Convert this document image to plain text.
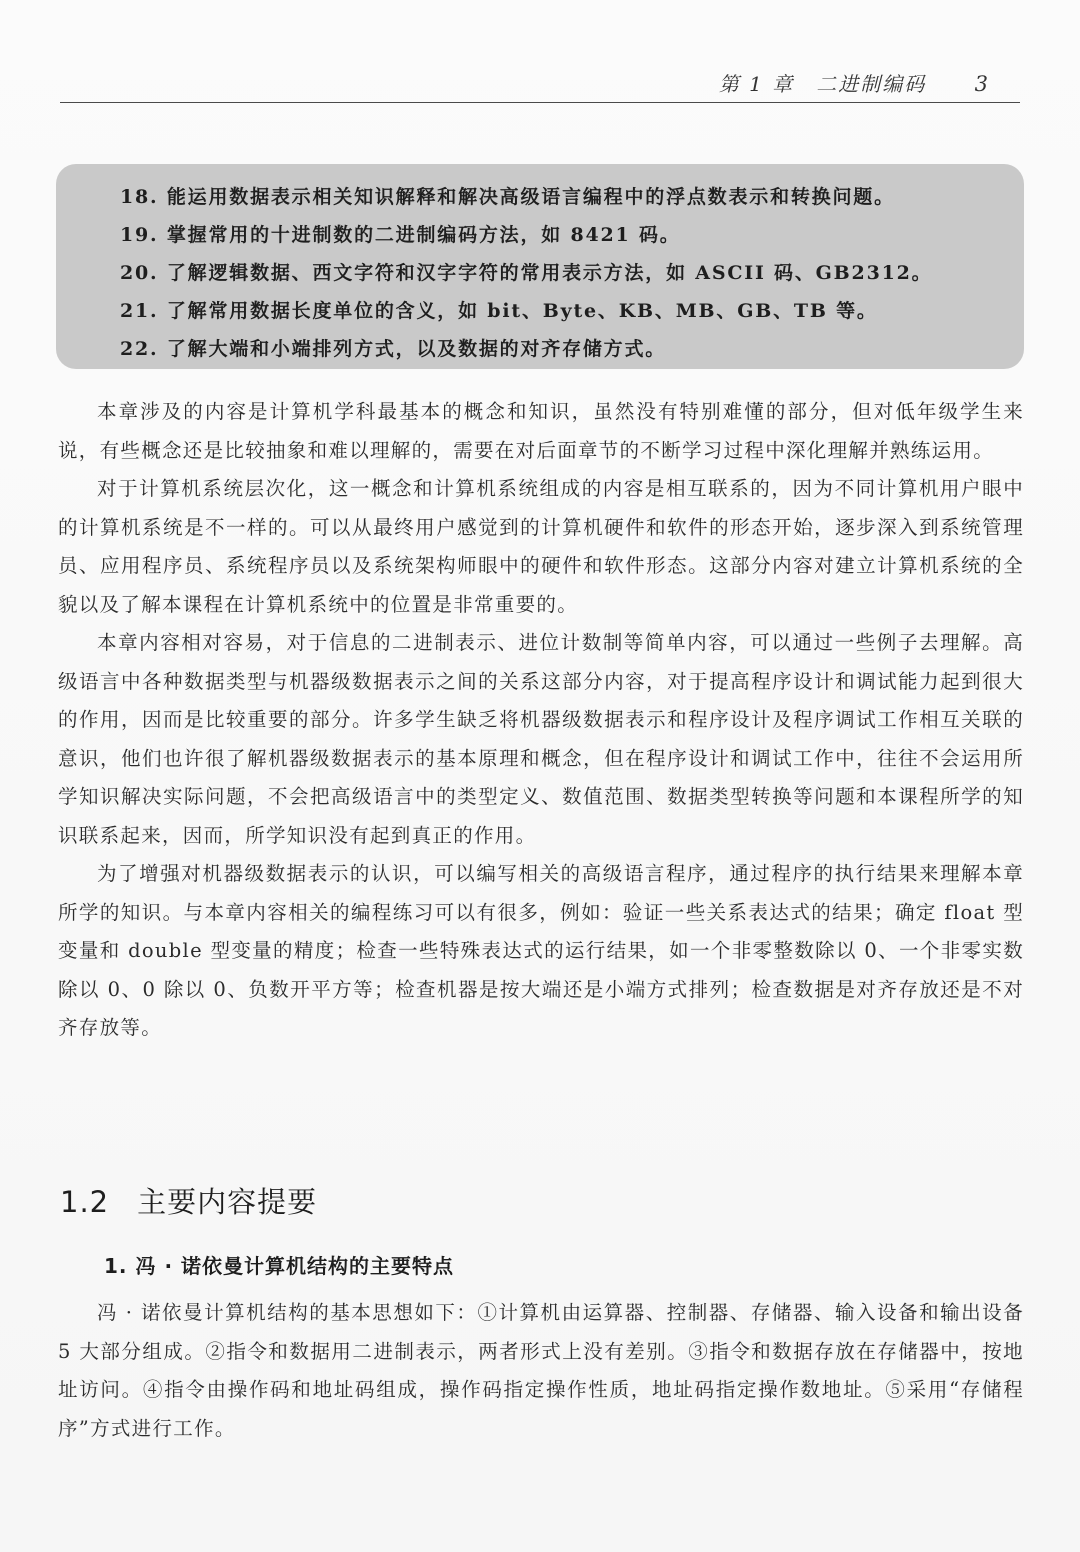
第 1 章　二进制编码 3
18. 能运用数据表示相关知识解释和解决高级语言编程中的浮点数表示和转换问题。
19. 掌握常用的十进制数的二进制编码方法，如 8421 码。
20. 了解逻辑数据、西文字符和汉字字符的常用表示方法，如 ASCII 码、GB2312。
21. 了解常用数据长度单位的含义，如 bit、Byte、KB、MB、GB、TB 等。
22. 了解大端和小端排列方式，以及数据的对齐存储方式。

本章涉及的内容是计算机学科最基本的概念和知识，虽然没有特别难懂的部分，但对低年级学生来说，有些概念还是比较抽象和难以理解的，需要在对后面章节的不断学习过程中深化理解并熟练运用。

对于计算机系统层次化，这一概念和计算机系统组成的内容是相互联系的，因为不同计算机用户眼中的计算机系统是不一样的。可以从最终用户感觉到的计算机硬件和软件的形态开始，逐步深入到系统管理员、应用程序员、系统程序员以及系统架构师眼中的硬件和软件形态。这部分内容对建立计算机系统的全貌以及了解本课程在计算机系统中的位置是非常重要的。

本章内容相对容易，对于信息的二进制表示、进位计数制等简单内容，可以通过一些例子去理解。高级语言中各种数据类型与机器级数据表示之间的关系这部分内容，对于提高程序设计和调试能力起到很大的作用，因而是比较重要的部分。许多学生缺乏将机器级数据表示和程序设计及程序调试工作相互关联的意识，他们也许很了解机器级数据表示的基本原理和概念，但在程序设计和调试工作中，往往不会运用所学知识解决实际问题，不会把高级语言中的类型定义、数值范围、数据类型转换等问题和本课程所学的知识联系起来，因而，所学知识没有起到真正的作用。

为了增强对机器级数据表示的认识，可以编写相关的高级语言程序，通过程序的执行结果来理解本章所学的知识。与本章内容相关的编程练习可以有很多，例如：验证一些关系表达式的结果；确定 float 型变量和 double 型变量的精度；检查一些特殊表达式的运行结果，如一个非零整数除以 0、一个非零实数除以 0、0 除以 0、负数开平方等；检查机器是按大端还是小端方式排列；检查数据是对齐存放还是不对齐存放等。

1.2 主要内容提要
1. 冯 · 诺依曼计算机结构的主要特点

冯 · 诺依曼计算机结构的基本思想如下：①计算机由运算器、控制器、存储器、输入设备和输出设备 5 大部分组成。②指令和数据用二进制表示，两者形式上没有差别。③指令和数据存放在存储器中，按地址访问。④指令由操作码和地址码组成，操作码指定操作性质，地址码指定操作数地址。⑤采用“存储程序”方式进行工作。
